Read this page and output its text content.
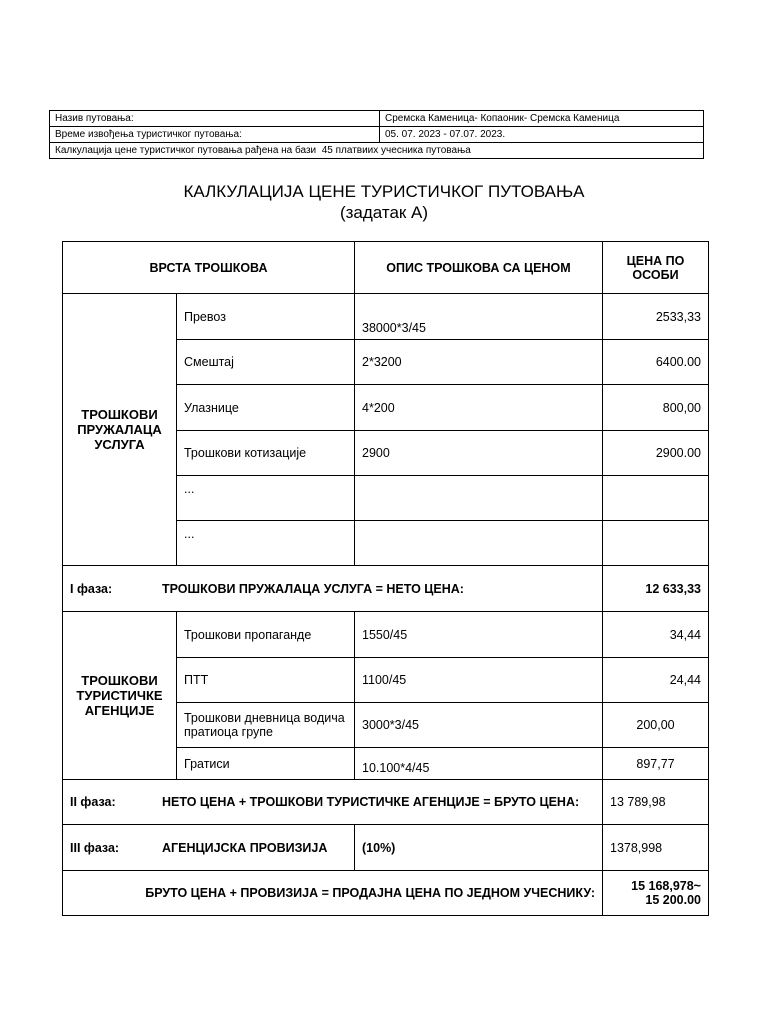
Назив путовања:	Сремска Каменица- Копаоник- Сремска Каменица
Време извођења туристичког путовања:	05. 07. 2023 - 07.07. 2023.
Калкулација цене туристичког путовања рађена на бази 45 платвиих учесника путовања	
КАЛКУЛАЦИЈА ЦЕНЕ ТУРИСТИЧКОГ ПУТОВАЊА
(задатак А)
ВРСТА ТРОШКОВА		ОПИС ТРОШКОВА СА ЦЕНОМ	ЦЕНА ПО ОСОБИ
ТРОШКОВИ ПРУЖАЛАЦА УСЛУГА	Превоз	38000*3/45	2533,33
	Смештај	2*3200	6400.00
	Улазнице	4*200	800,00
	Трошкови котизације	2900	2900.00
	...		
	...		

I фаза: ТРОШКОВИ ПРУЖАЛАЦА УСЛУГА = НЕТО ЦЕНА:			12 633,33
ТРОШКОВИ ТУРИСТИЧКЕ АГЕНЦИЈЕ	Трошкови пропаганде	1550/45	34,44
	ПТТ	1100/45	24,44
	Трошкови дневница водича пратиоца групе	3000*3/45	200,00
	Гратиси	10.100*4/45	897,77

II фаза: НЕТО ЦЕНА + ТРОШКОВИ ТУРИСТИЧКЕ АГЕНЦИЈЕ = БРУТО ЦЕНА:			13 789,98

III фаза: АГЕНЦИЈСКА ПРОВИЗИЈА		(10%)	1378,998
БРУТО ЦЕНА + ПРОВИЗИЈА = ПРОДАЈНА ЦЕНА ПО ЈЕДНОМ УЧЕСНИКУ:			15 168,978~
15 200.00
